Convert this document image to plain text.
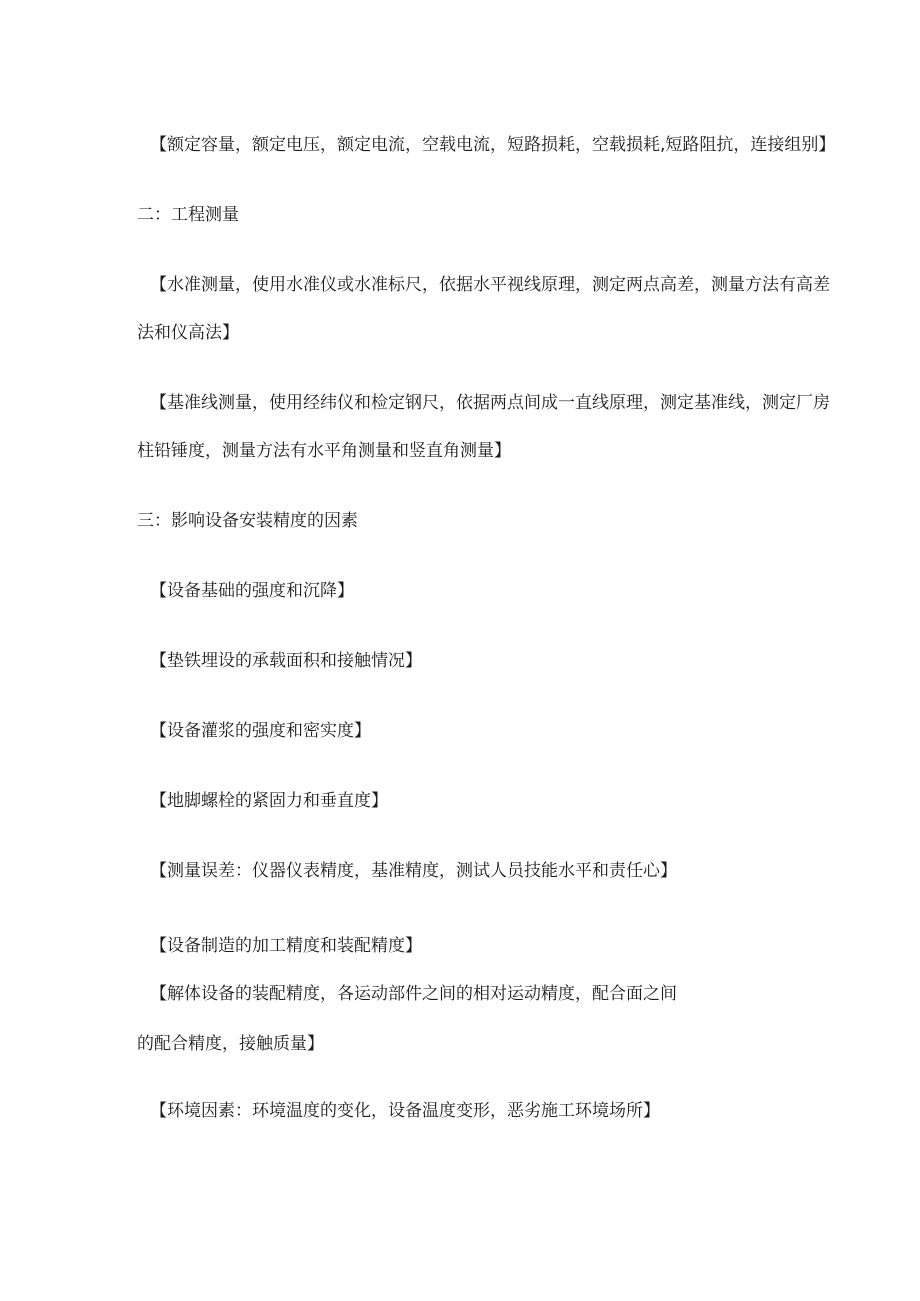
【额定容量，额定电压，额定电流，空载电流，短路损耗，空载损耗,短路阻抗，连接组别】
二：工程测量
【水准测量，使用水准仪或水准标尺，依据水平视线原理，测定两点高差，测量方法有高差
法和仪高法】
【基准线测量，使用经纬仪和检定钢尺，依据两点间成一直线原理，测定基准线，测定厂房
柱铅锤度，测量方法有水平角测量和竖直角测量】
三：影响设备安装精度的因素
【设备基础的强度和沉降】
【垫铁埋设的承载面积和接触情况】
【设备灌浆的强度和密实度】
【地脚螺栓的紧固力和垂直度】
【测量误差：仪器仪表精度，基准精度，测试人员技能水平和责任心】
【设备制造的加工精度和装配精度】
【解体设备的装配精度，各运动部件之间的相对运动精度，配合面之间
的配合精度，接触质量】
【环境因素：环境温度的变化，设备温度变形，恶劣施工环境场所】
